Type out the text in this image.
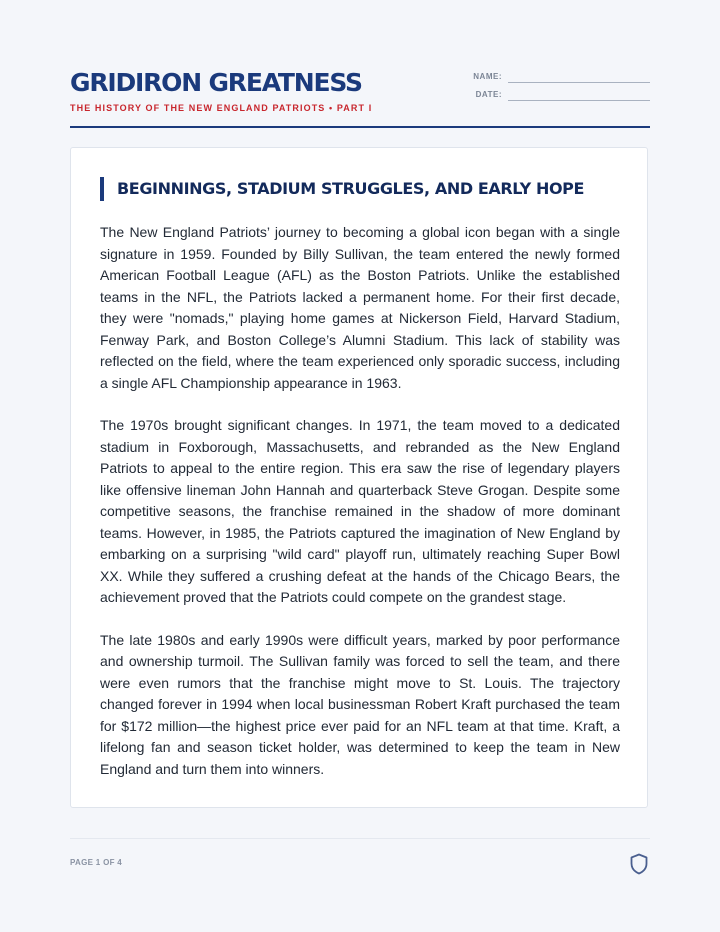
GRIDIRON GREATNESS
THE HISTORY OF THE NEW ENGLAND PATRIOTS • PART I
NAME:
DATE:
BEGINNINGS, STADIUM STRUGGLES, AND EARLY HOPE

The New England Patriots’ journey to becoming a global icon began with a single signature in 1959. Founded by Billy Sullivan, the team entered the newly formed American Football League (AFL) as the Boston Patriots. Unlike the established teams in the NFL, the Patriots lacked a permanent home. For their first decade, they were "nomads," playing home games at Nickerson Field, Harvard Stadium, Fenway Park, and Boston College’s Alumni Stadium. This lack of stability was reflected on the field, where the team experienced only sporadic success, including a single AFL Championship appearance in 1963.

The 1970s brought significant changes. In 1971, the team moved to a dedicated stadium in Foxborough, Massachusetts, and rebranded as the New England Patriots to appeal to the entire region. This era saw the rise of legendary players like offensive lineman John Hannah and quarterback Steve Grogan. Despite some competitive seasons, the franchise remained in the shadow of more dominant teams. However, in 1985, the Patriots captured the imagination of New England by embarking on a surprising "wild card" playoff run, ultimately reaching Super Bowl XX. While they suffered a crushing defeat at the hands of the Chicago Bears, the achievement proved that the Patriots could compete on the grandest stage.

The late 1980s and early 1990s were difficult years, marked by poor performance and ownership turmoil. The Sullivan family was forced to sell the team, and there were even rumors that the franchise might move to St. Louis. The trajectory changed forever in 1994 when local businessman Robert Kraft purchased the team for $172 million—the highest price ever paid for an NFL team at that time. Kraft, a lifelong fan and season ticket holder, was determined to keep the team in New England and turn them into winners.

PAGE 1 OF 4
